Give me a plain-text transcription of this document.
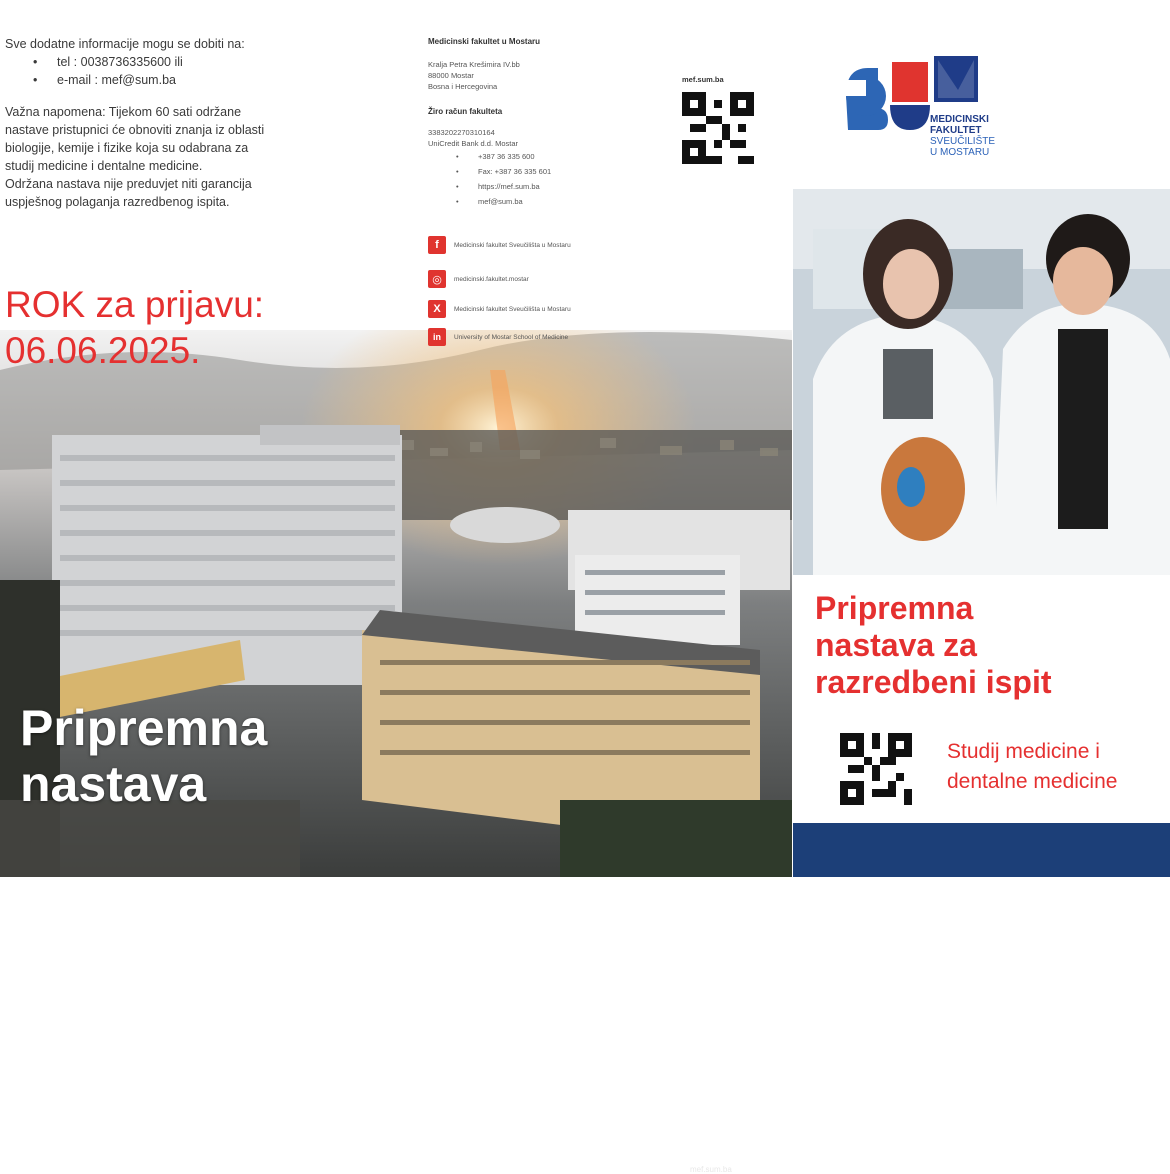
Sve dodatne informacije mogu se dobiti na:

• tel : 0038736335600 ili
• e-mail : mef@sum.ba

Važna napomena: Tijekom 60 sati održane
nastave pristupnici će obnoviti znanja iz oblasti
biologije, kemije i fizike koja su odabrana za
studij medicine i dentalne medicine.
Održana nastava nije preduvjet niti garancija
uspješnog polaganja razredbenog ispita.

mef.sum.ba
ROK za prijavu:
06.06.2025.
Pripremna
nastava
Medicinski fakultet u Mostaru
Kralja Petra Krešimira IV.bb
88000 Mostar
Bosna i Hercegovina
Žiro račun fakulteta
3383202270310164
UniCredit Bank d.d. Mostar
• +387 36 335 600
• Fax: +387 36 335 601
• https://mef.sum.ba
• mef@sum.ba
f	Medicinski fakultet Sveučilišta u Mostaru
◎	medicinski.fakultet.mostar
X	Medicinski fakultet Sveučilišta u Mostaru
in	University of Mostar School of Medicine
mef.sum.ba
MEDICINSKI
FAKULTET
SVEUČILIŠTE
U MOSTARU
Pripremna
nastava za
razredbeni ispit
Studij medicine i
dentalne medicine
